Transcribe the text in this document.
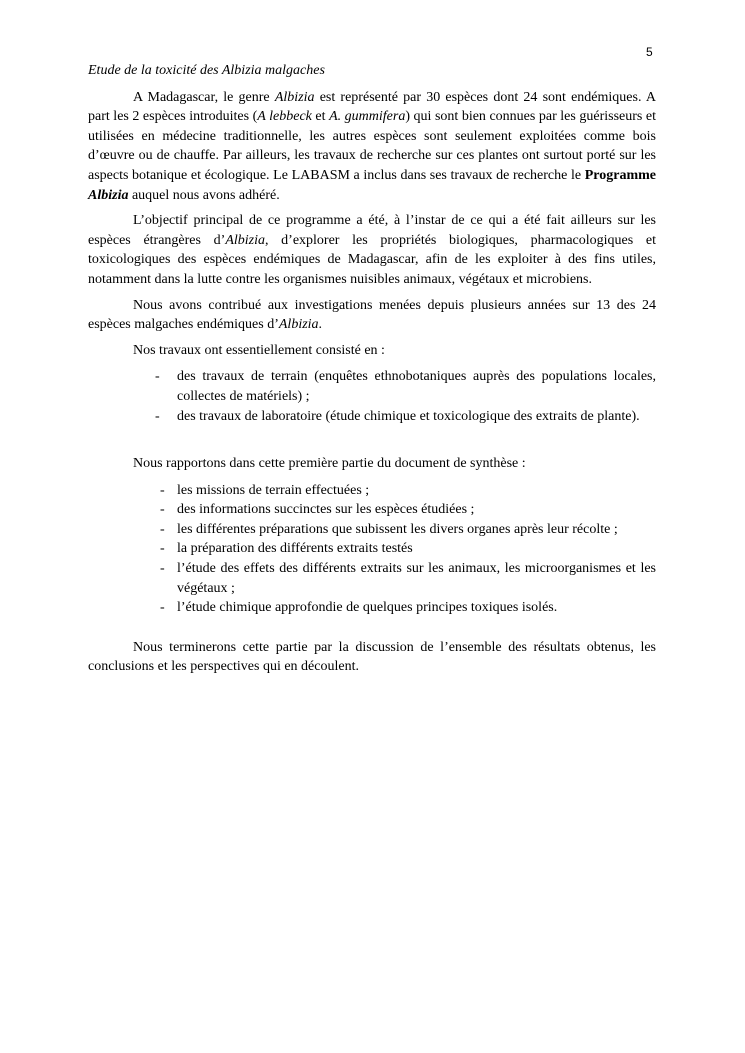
5
Etude de la toxicité des Albizia malgaches

A Madagascar, le genre Albizia est représenté par 30 espèces dont 24 sont endémiques. A part les 2 espèces introduites (A lebbeck et A. gummifera) qui sont bien connues par les guérisseurs et utilisées en médecine traditionnelle, les autres espèces sont seulement exploitées comme bois d’œuvre ou de chauffe. Par ailleurs, les travaux de recherche sur ces plantes ont surtout porté sur les aspects botanique et écologique. Le LABASM a inclus dans ses travaux de recherche le Programme Albizia auquel nous avons adhéré.

L’objectif principal de ce programme a été, à l’instar de ce qui a été fait ailleurs sur les espèces étrangères d’Albizia, d’explorer les propriétés biologiques, pharmacologiques et toxicologiques des espèces endémiques de Madagascar, afin de les exploiter à des fins utiles, notamment dans la lutte contre les organismes nuisibles animaux, végétaux et microbiens.

Nous avons contribué aux investigations menées depuis plusieurs années sur 13 des 24 espèces malgaches endémiques d’Albizia.

Nos travaux ont essentiellement consisté en :

- des travaux de terrain (enquêtes ethnobotaniques auprès des populations locales, collectes de matériels) ;
- des travaux de laboratoire (étude chimique et toxicologique des extraits de plante).

Nous rapportons dans cette première partie du document de synthèse :

- les missions de terrain effectuées ;
- des informations succinctes sur les espèces étudiées ;
- les différentes préparations que subissent les divers organes après leur récolte ;
- la préparation des différents extraits testés
- l’étude des effets des différents extraits sur les animaux, les microorganismes et les végétaux ;
- l’étude chimique approfondie de quelques principes toxiques isolés.

Nous terminerons cette partie par la discussion de l’ensemble des résultats obtenus, les conclusions et les perspectives qui en découlent.
